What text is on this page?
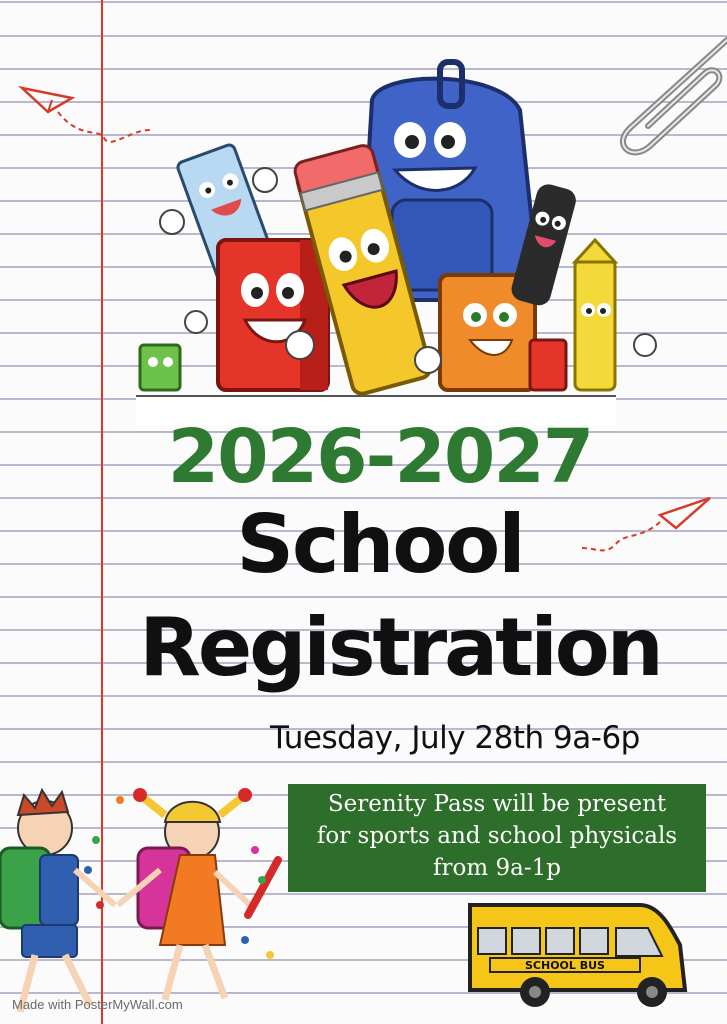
SCHOOL BUS
2026-2027
School
Registration
Tuesday, July 28th 9a-6p
Serenity Pass will be present
for sports and school physicals
from 9a-1p
Made with PosterMyWall.com
